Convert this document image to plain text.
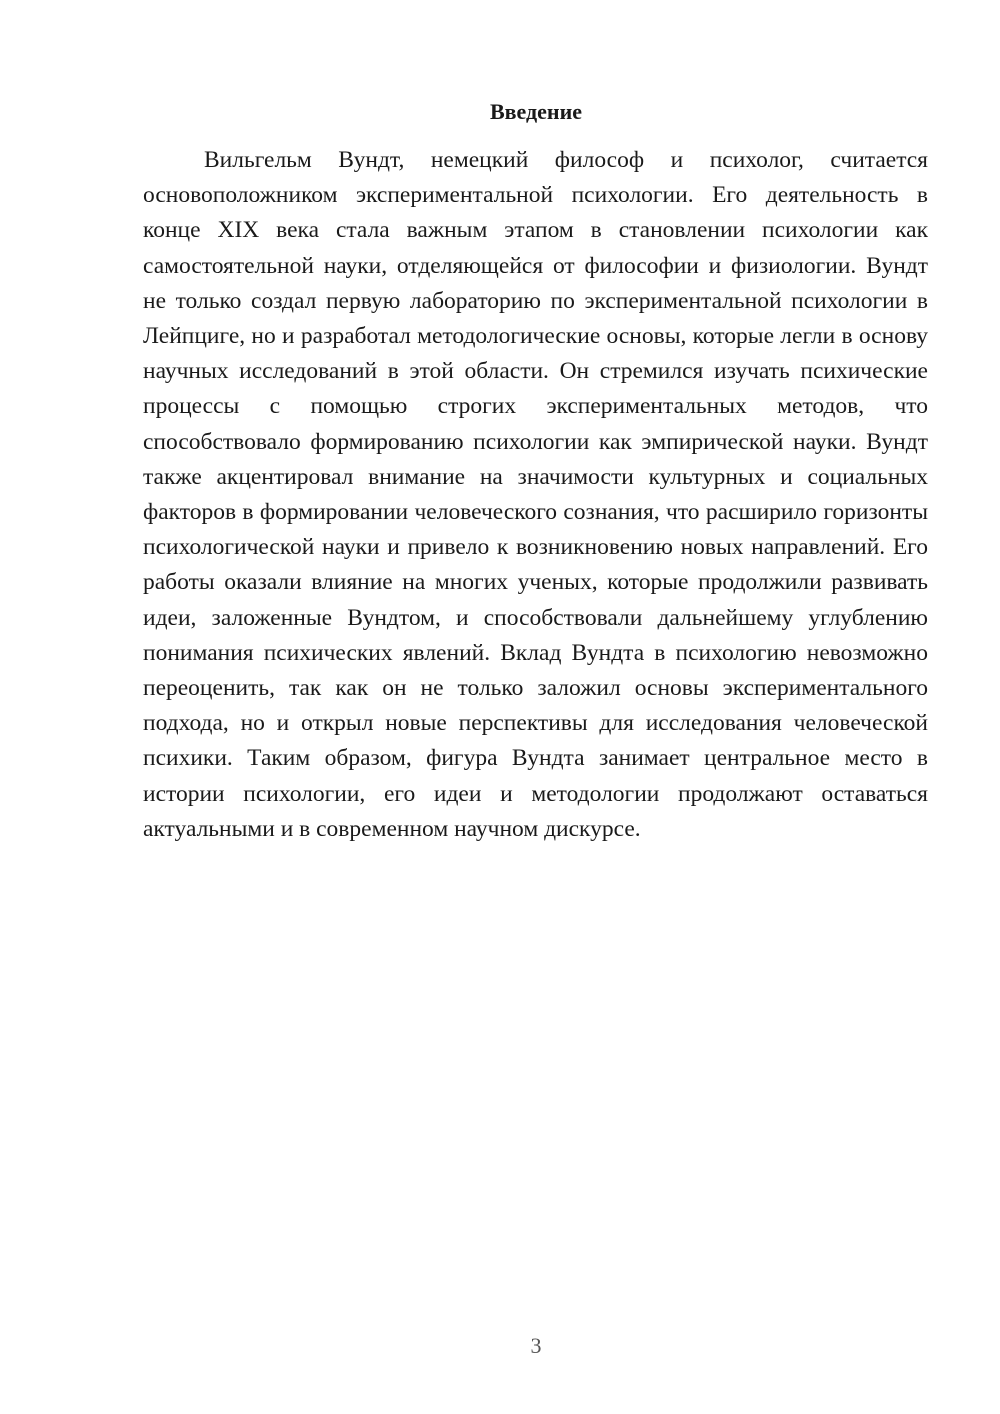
Введение

Вильгельм Вундт, немецкий философ и психолог, считается основоположником экспериментальной психологии. Его деятельность в конце XIX века стала важным этапом в становлении психологии как самостоятельной науки, отделяющейся от философии и физиологии. Вундт не только создал первую лабораторию по экспериментальной психологии в Лейпциге, но и разработал методологические основы, которые легли в основу научных исследований в этой области. Он стремился изучать психические процессы с помощью строгих экспериментальных методов, что способствовало формированию психологии как эмпирической науки. Вундт также акцентировал внимание на значимости культурных и социальных факторов в формировании человеческого сознания, что расширило горизонты психологической науки и привело к возникновению новых направлений. Его работы оказали влияние на многих ученых, которые продолжили развивать идеи, заложенные Вундтом, и способствовали дальнейшему углублению понимания психических явлений. Вклад Вундта в психологию невозможно переоценить, так как он не только заложил основы экспериментального подхода, но и открыл новые перспективы для исследования человеческой психики. Таким образом, фигура Вундта занимает центральное место в истории психологии, его идеи и методологии продолжают оставаться актуальными и в современном научном дискурсе.

3
